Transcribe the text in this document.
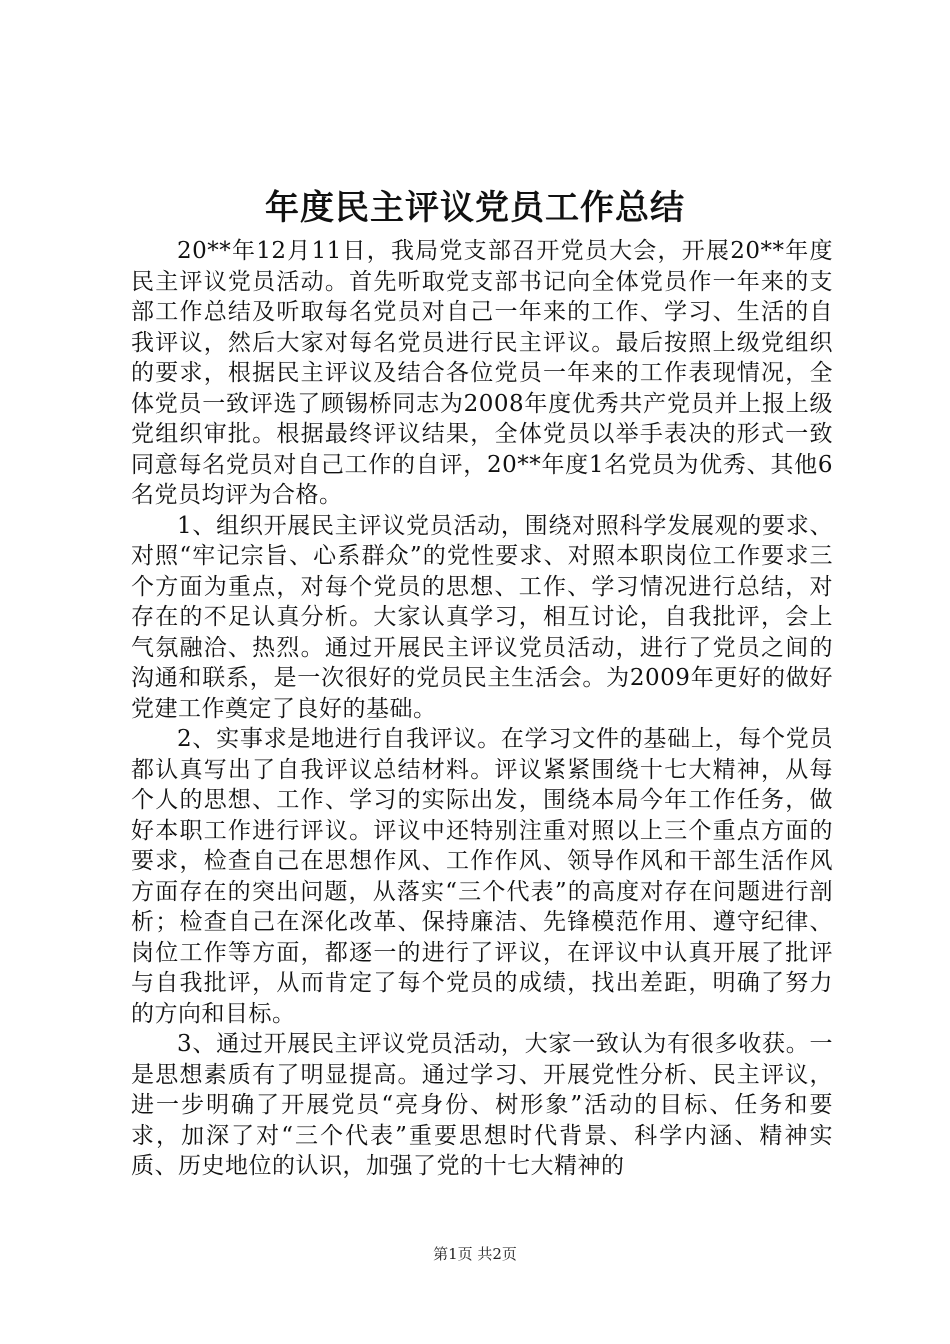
年度民主评议党员工作总结

20**年12月11日，我局党支部召开党员大会，开展20**年度民主评议党员活动。首先听取党支部书记向全体党员作一年来的支部工作总结及听取每名党员对自己一年来的工作、学习、生活的自我评议，然后大家对每名党员进行民主评议。最后按照上级党组织的要求，根据民主评议及结合各位党员一年来的工作表现情况，全体党员一致评选了顾锡桥同志为2008年度优秀共产党员并上报上级党组织审批。根据最终评议结果，全体党员以举手表决的形式一致同意每名党员对自己工作的自评，20**年度1名党员为优秀、其他6名党员均评为合格。

1、组织开展民主评议党员活动，围绕对照科学发展观的要求、对照“牢记宗旨、心系群众”的党性要求、对照本职岗位工作要求三个方面为重点，对每个党员的思想、工作、学习情况进行总结，对存在的不足认真分析。大家认真学习，相互讨论，自我批评，会上气氛融洽、热烈。通过开展民主评议党员活动，进行了党员之间的沟通和联系，是一次很好的党员民主生活会。为2009年更好的做好党建工作奠定了良好的基础。

2、实事求是地进行自我评议。在学习文件的基础上，每个党员都认真写出了自我评议总结材料。评议紧紧围绕十七大精神，从每个人的思想、工作、学习的实际出发，围绕本局今年工作任务，做好本职工作进行评议。评议中还特别注重对照以上三个重点方面的要求，检查自己在思想作风、工作作风、领导作风和干部生活作风方面存在的突出问题，从落实“三个代表”的高度对存在问题进行剖析；检查自己在深化改革、保持廉洁、先锋模范作用、遵守纪律、岗位工作等方面，都逐一的进行了评议，在评议中认真开展了批评与自我批评，从而肯定了每个党员的成绩，找出差距，明确了努力的方向和目标。

3、通过开展民主评议党员活动，大家一致认为有很多收获。一是思想素质有了明显提高。通过学习、开展党性分析、民主评议，进一步明确了开展党员“亮身份、树形象”活动的目标、任务和要求，加深了对“三个代表”重要思想时代背景、科学内涵、精神实质、历史地位的认识，加强了党的十七大精神的

第1页 共2页
